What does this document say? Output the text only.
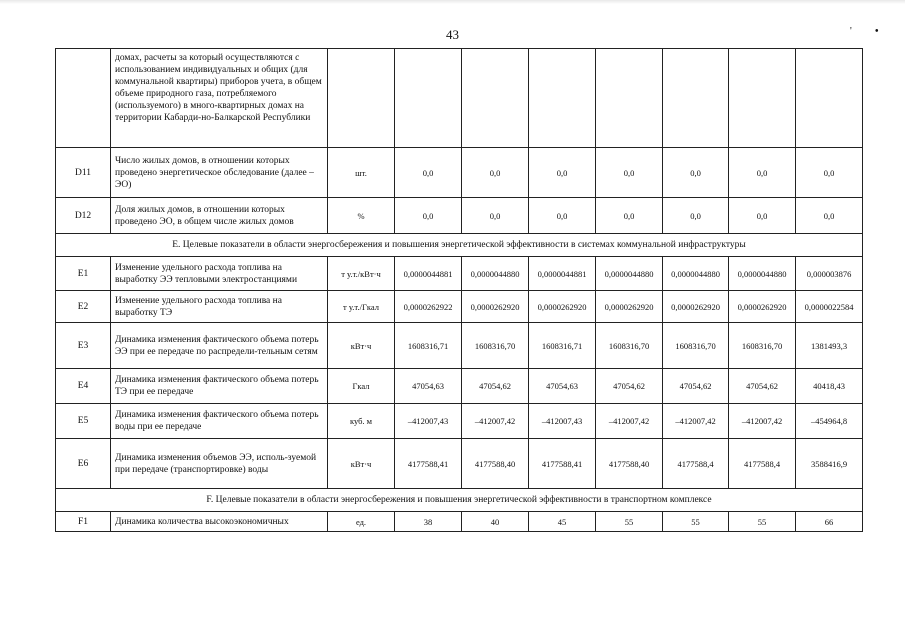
43	' •
	домах, расчеты за который осуществляются с использованием индивидуальных и общих (для коммунальной квартиры) приборов учета, в общем объеме природного газа, потребляемого (используемого) в много-квартирных домах на территории Кабарди-но-Балкарской Республики								
D11	Число жилых домов, в отношении которых проведено энергетическое обследование (далее – ЭО)	шт.	0,0	0,0	0,0	0,0	0,0	0,0	0,0
D12	Доля жилых домов, в отношении которых проведено ЭО, в общем числе жилых домов	%	0,0	0,0	0,0	0,0	0,0	0,0	0,0
Е. Целевые показатели в области энергосбережения и повышения энергетической эффективности в системах коммунальной инфраструктуры									
Е1	Изменение удельного расхода топлива на выработку ЭЭ тепловыми электростанциями	т у.т./кВт·ч	0,0000044881	0,0000044880	0,0000044881	0,0000044880	0,0000044880	0,0000044880	0,000003876
Е2	Изменение удельного расхода топлива на выработку ТЭ	т у.т./Гкал	0,0000262922	0,0000262920	0,0000262920	0,0000262920	0,0000262920	0,0000262920	0,0000022584
Е3	Динамика изменения фактического объема потерь ЭЭ при ее передаче по распредели-тельным сетям	кВт·ч	1608316,71	1608316,70	1608316,71	1608316,70	1608316,70	1608316,70	1381493,3
Е4	Динамика изменения фактического объема потерь ТЭ при ее передаче	Гкал	47054,63	47054,62	47054,63	47054,62	47054,62	47054,62	40418,43
Е5	Динамика изменения фактического объема потерь воды при ее передаче	куб. м	–412007,43	–412007,42	–412007,43	–412007,42	–412007,42	–412007,42	–454964,8
Е6	Динамика изменения объемов ЭЭ, исполь-зуемой при передаче (транспортировке) воды	кВт·ч	4177588,41	4177588,40	4177588,41	4177588,40	4177588,4	4177588,4	3588416,9
F. Целевые показатели в области энергосбережения и повышения энергетической эффективности в транспортном комплексе									
F1	Динамика количества высокоэкономичных	ед.	38	40	45	55	55	55	66
